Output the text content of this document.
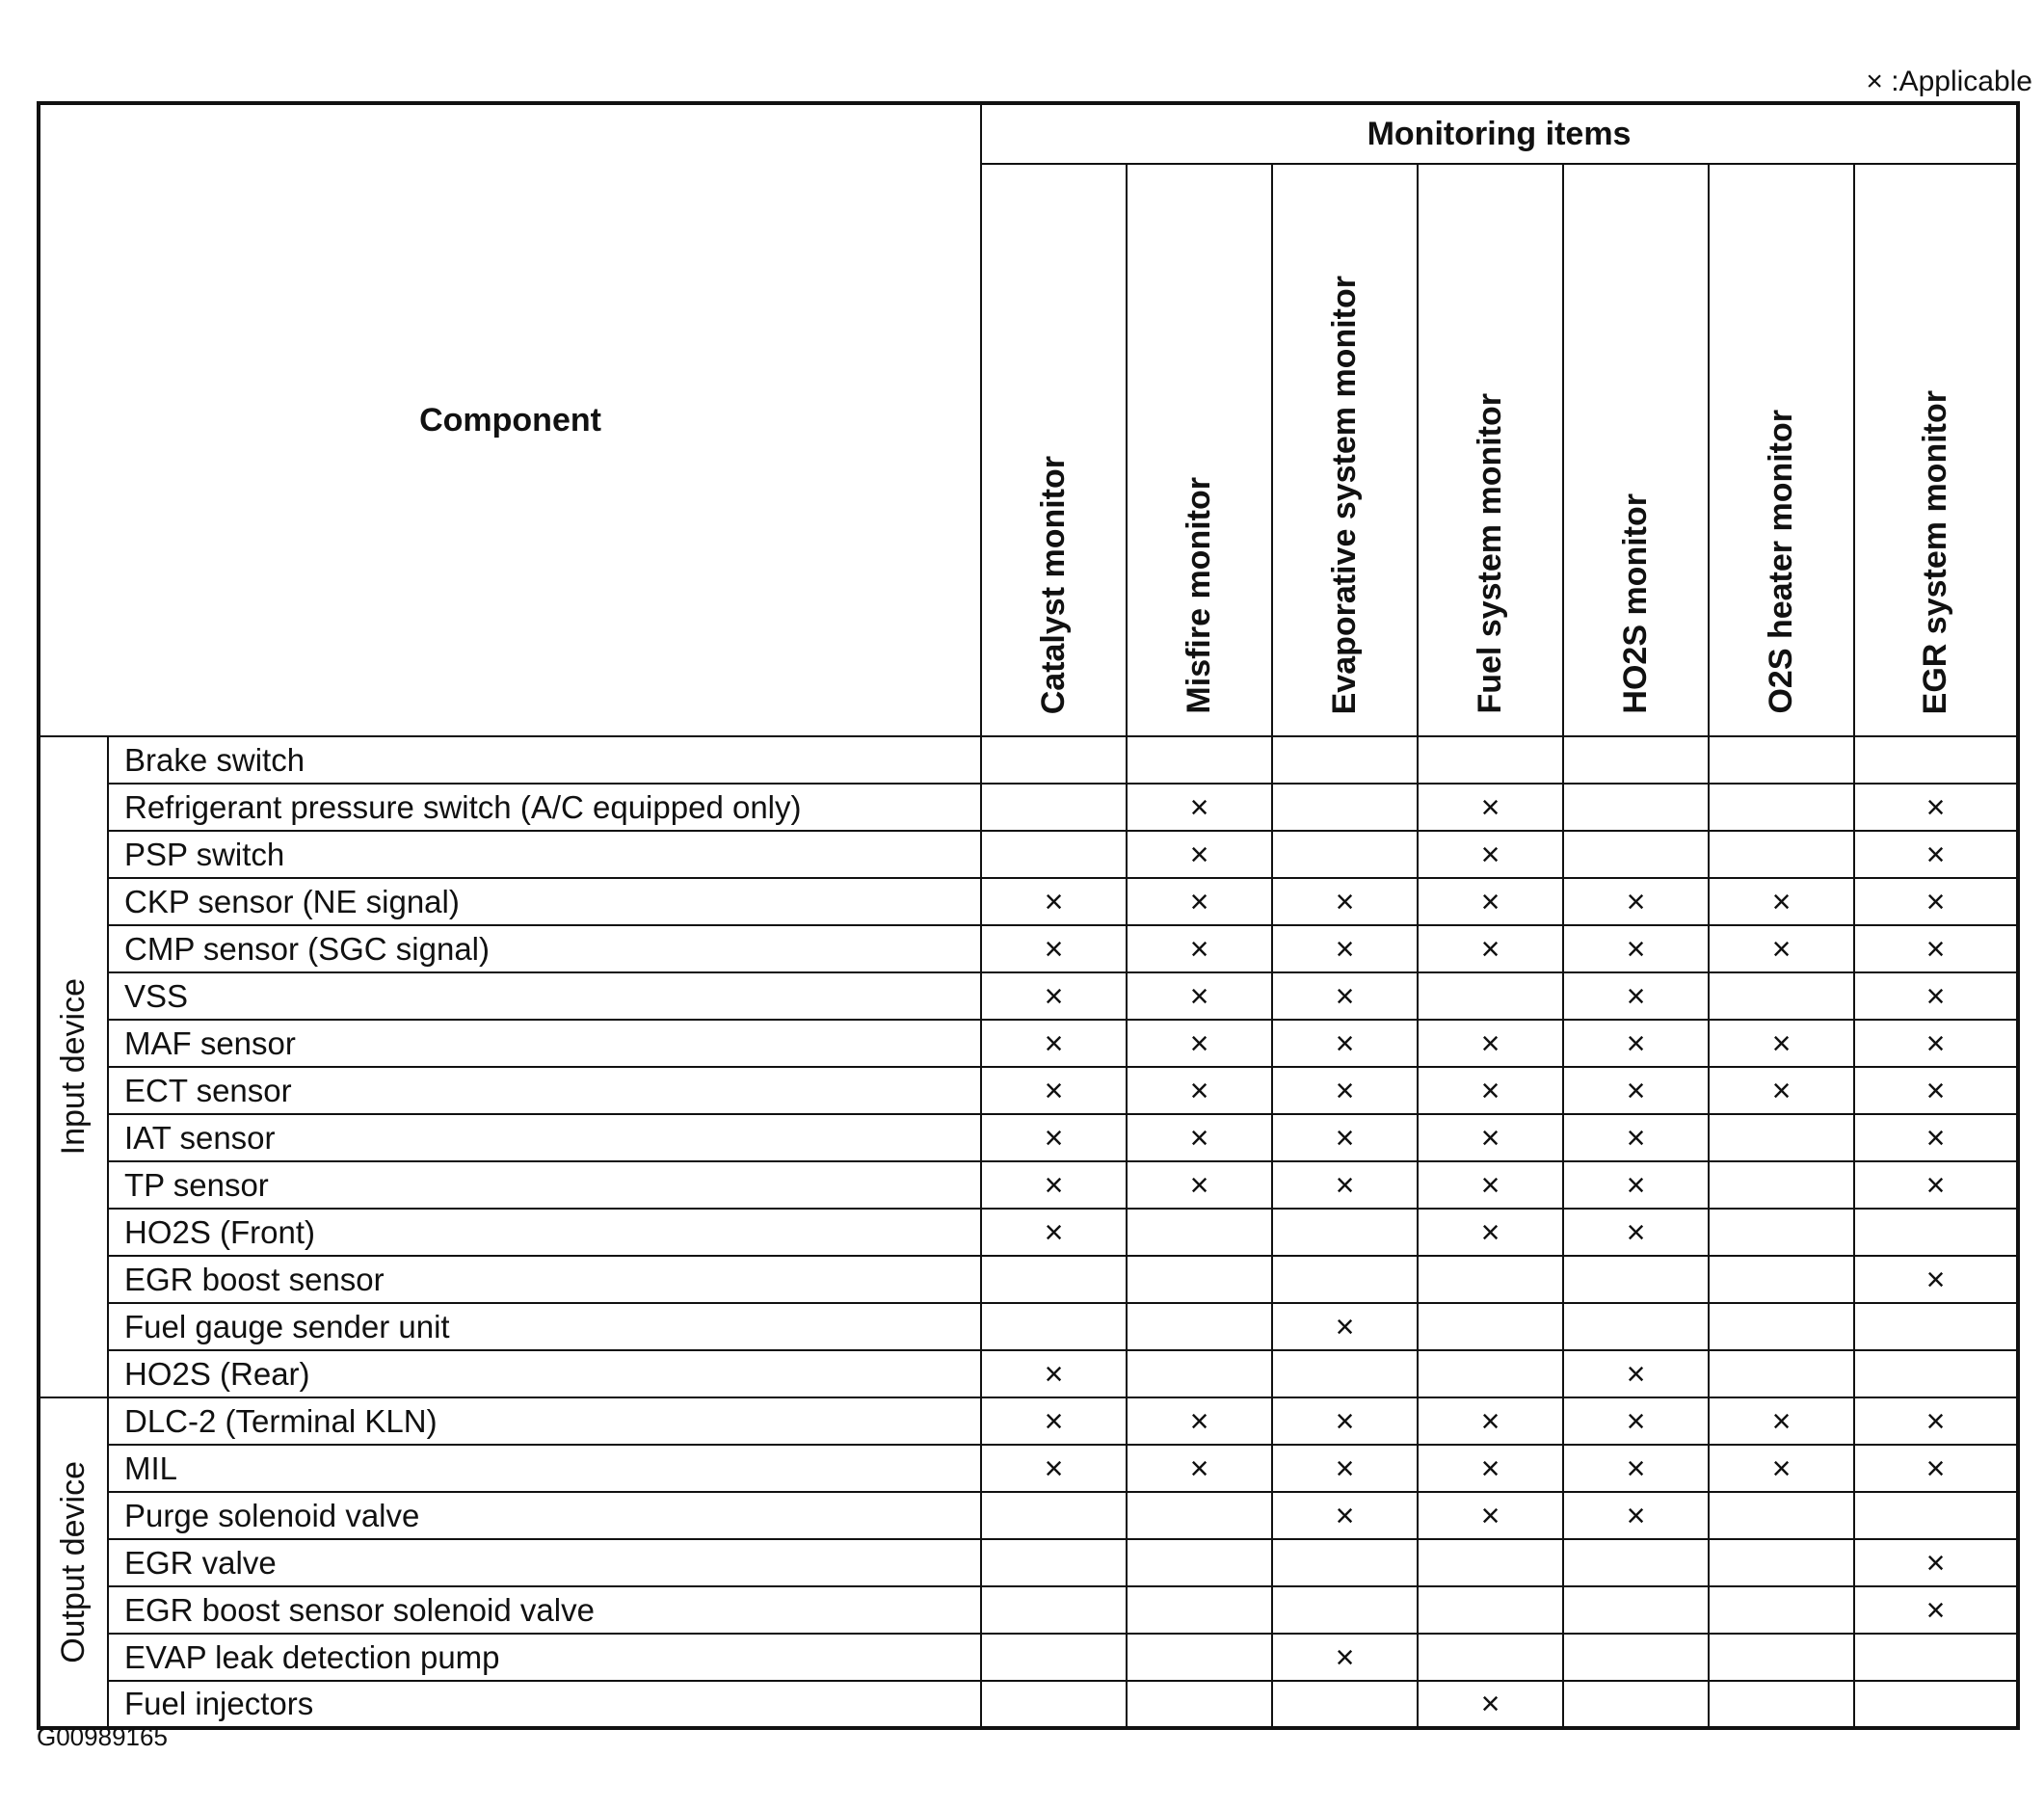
× :Applicable
Component		Monitoring items						

		Catalyst monitor	Misfire monitor	Evaporative system monitor	Fuel system monitor	HO2S monitor	O2S heater monitor	EGR system monitor

Input device	Brake switch							
	Refrigerant pressure switch (A/C equipped only)		×		×			×
	PSP switch		×		×			×
	CKP sensor (NE signal)	×	×	×	×	×	×	×
	CMP sensor (SGC signal)	×	×	×	×	×	×	×
	VSS	×	×	×		×		×
	MAF sensor	×	×	×	×	×	×	×
	ECT sensor	×	×	×	×	×	×	×
	IAT sensor	×	×	×	×	×		×
	TP sensor	×	×	×	×	×		×
	HO2S (Front)	×			×	×		
	EGR boost sensor							×
	Fuel gauge sender unit			×				
	HO2S (Rear)	×				×		

Output device	DLC-2 (Terminal KLN)	×	×	×	×	×	×	×
	MIL	×	×	×	×	×	×	×
	Purge solenoid valve			×	×	×		
	EGR valve							×
	EGR boost sensor solenoid valve							×
	EVAP leak detection pump			×				
	Fuel injectors				×			
G00989165
